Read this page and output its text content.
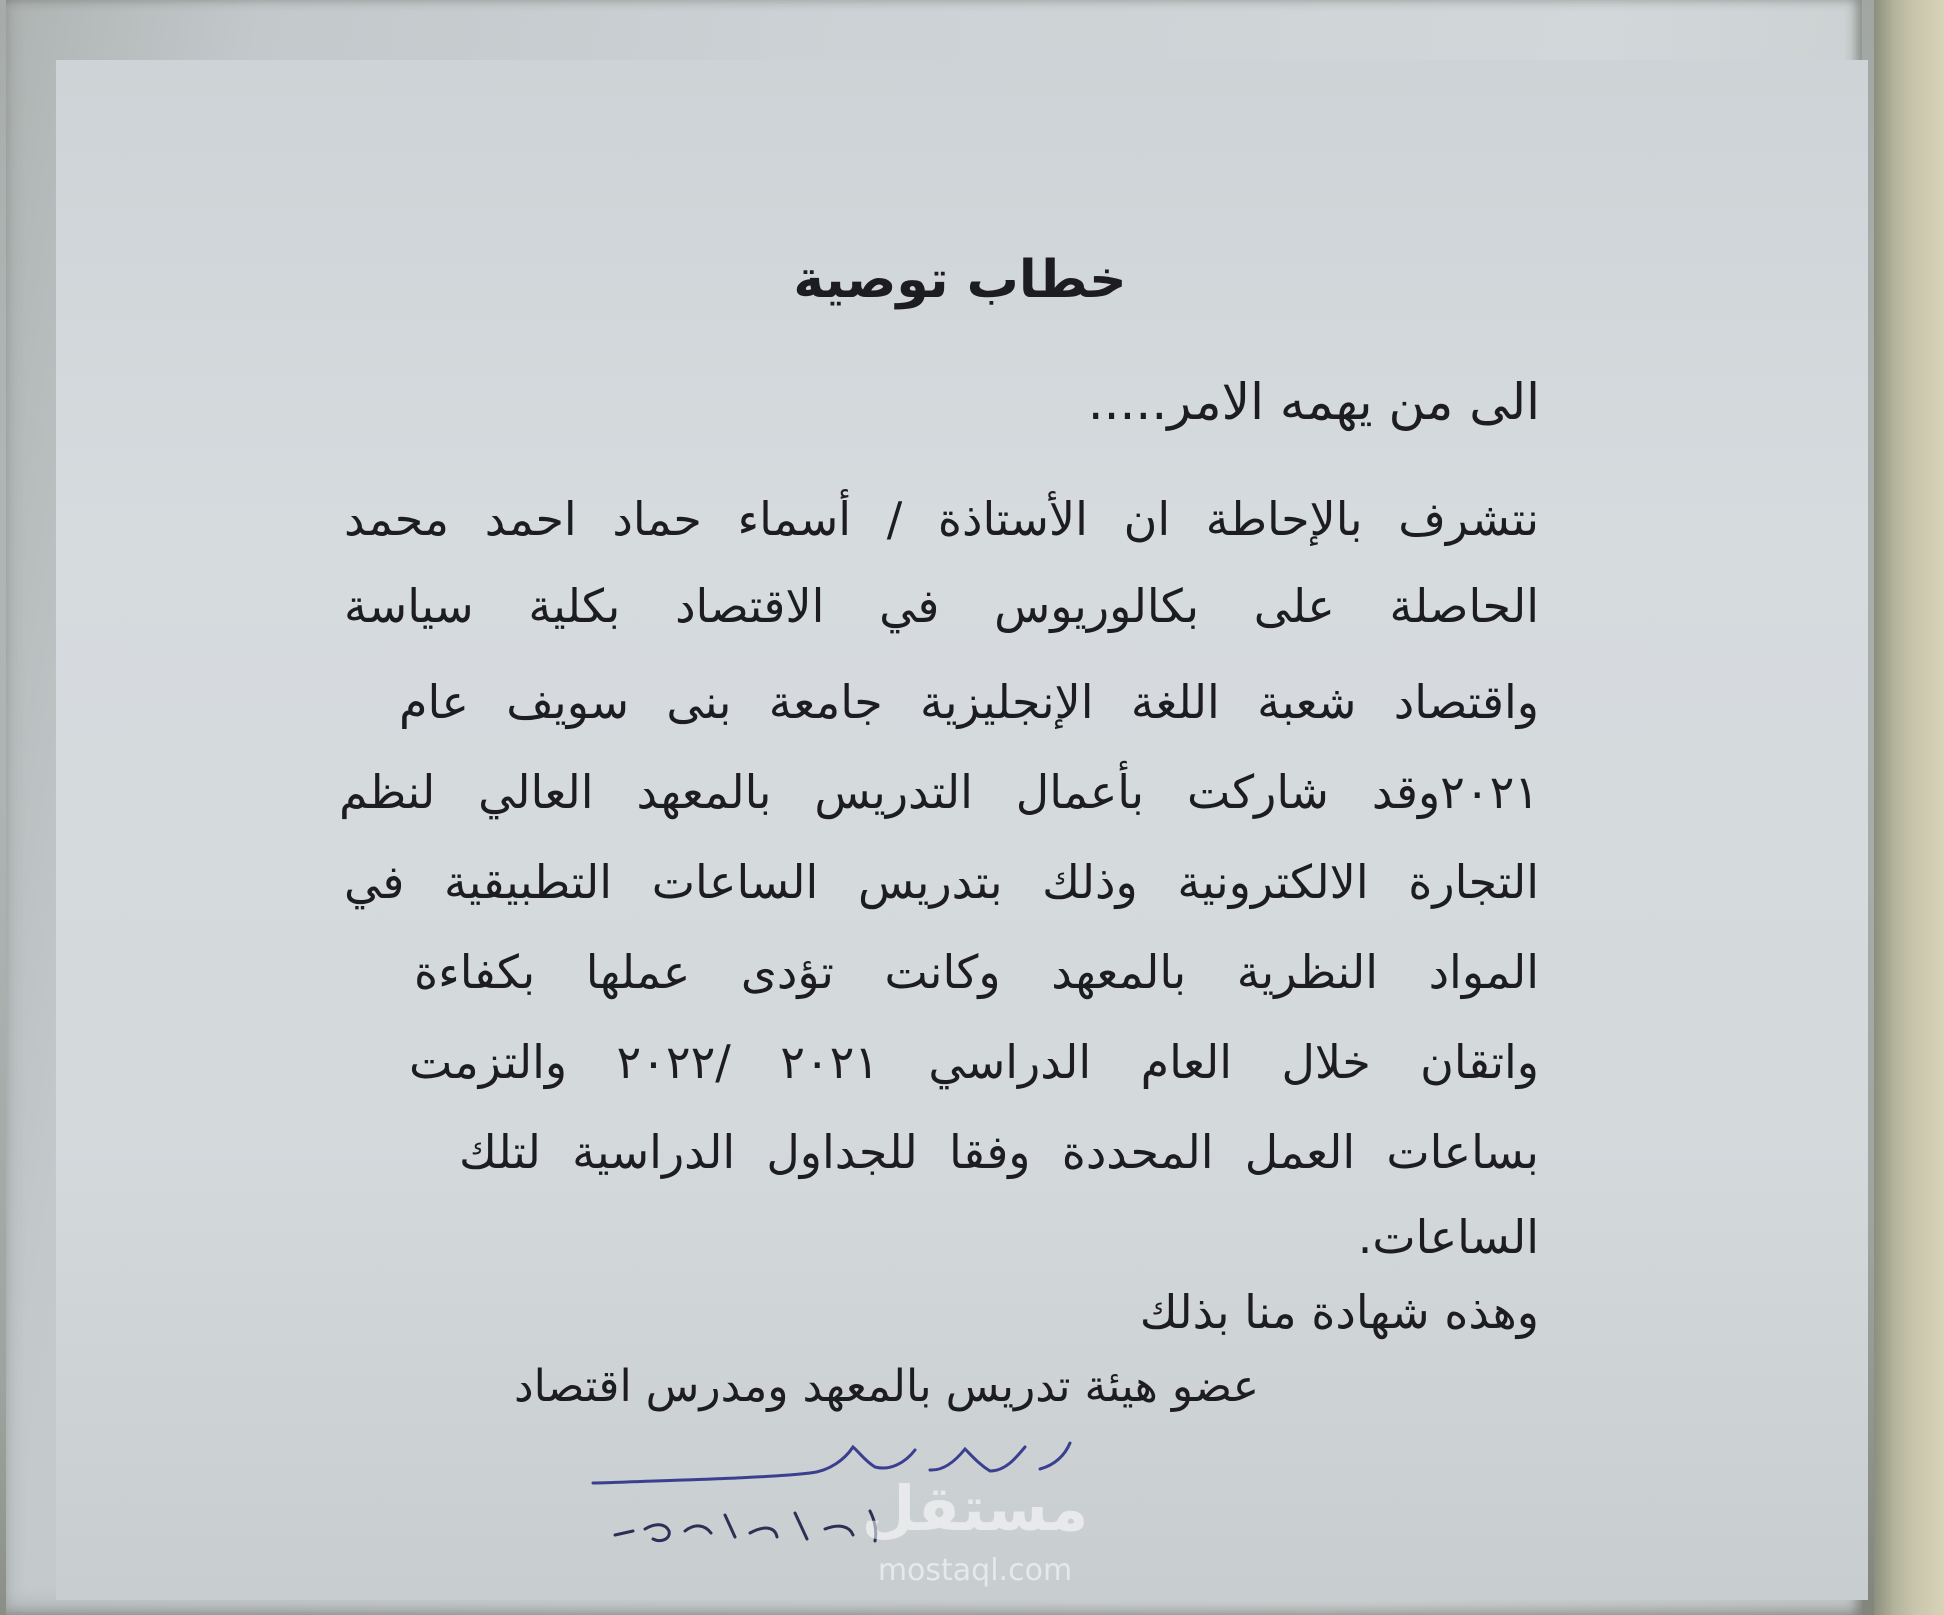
خطاب توصية
الى من يهمه الامر.....
نتشرف بالإحاطة ان الأستاذة / أسماء حماد احمد محمد
الحاصلة على بكالوريوس في الاقتصاد بكلية سياسة
واقتصاد شعبة اللغة الإنجليزية جامعة بنى سويف عام
٢٠٢١وقد شاركت بأعمال التدريس بالمعهد العالي لنظم
التجارة الالكترونية وذلك بتدريس الساعات التطبيقية في
المواد النظرية بالمعهد وكانت تؤدى عملها بكفاءة
واتقان خلال العام الدراسي ٢٠٢١ /٢٠٢٢ والتزمت
بساعات العمل المحددة وفقا للجداول الدراسية لتلك
الساعات.
وهذه شهادة منا بذلك
عضو هيئة تدريس بالمعهد ومدرس اقتصاد
مستقل
mostaql.com
